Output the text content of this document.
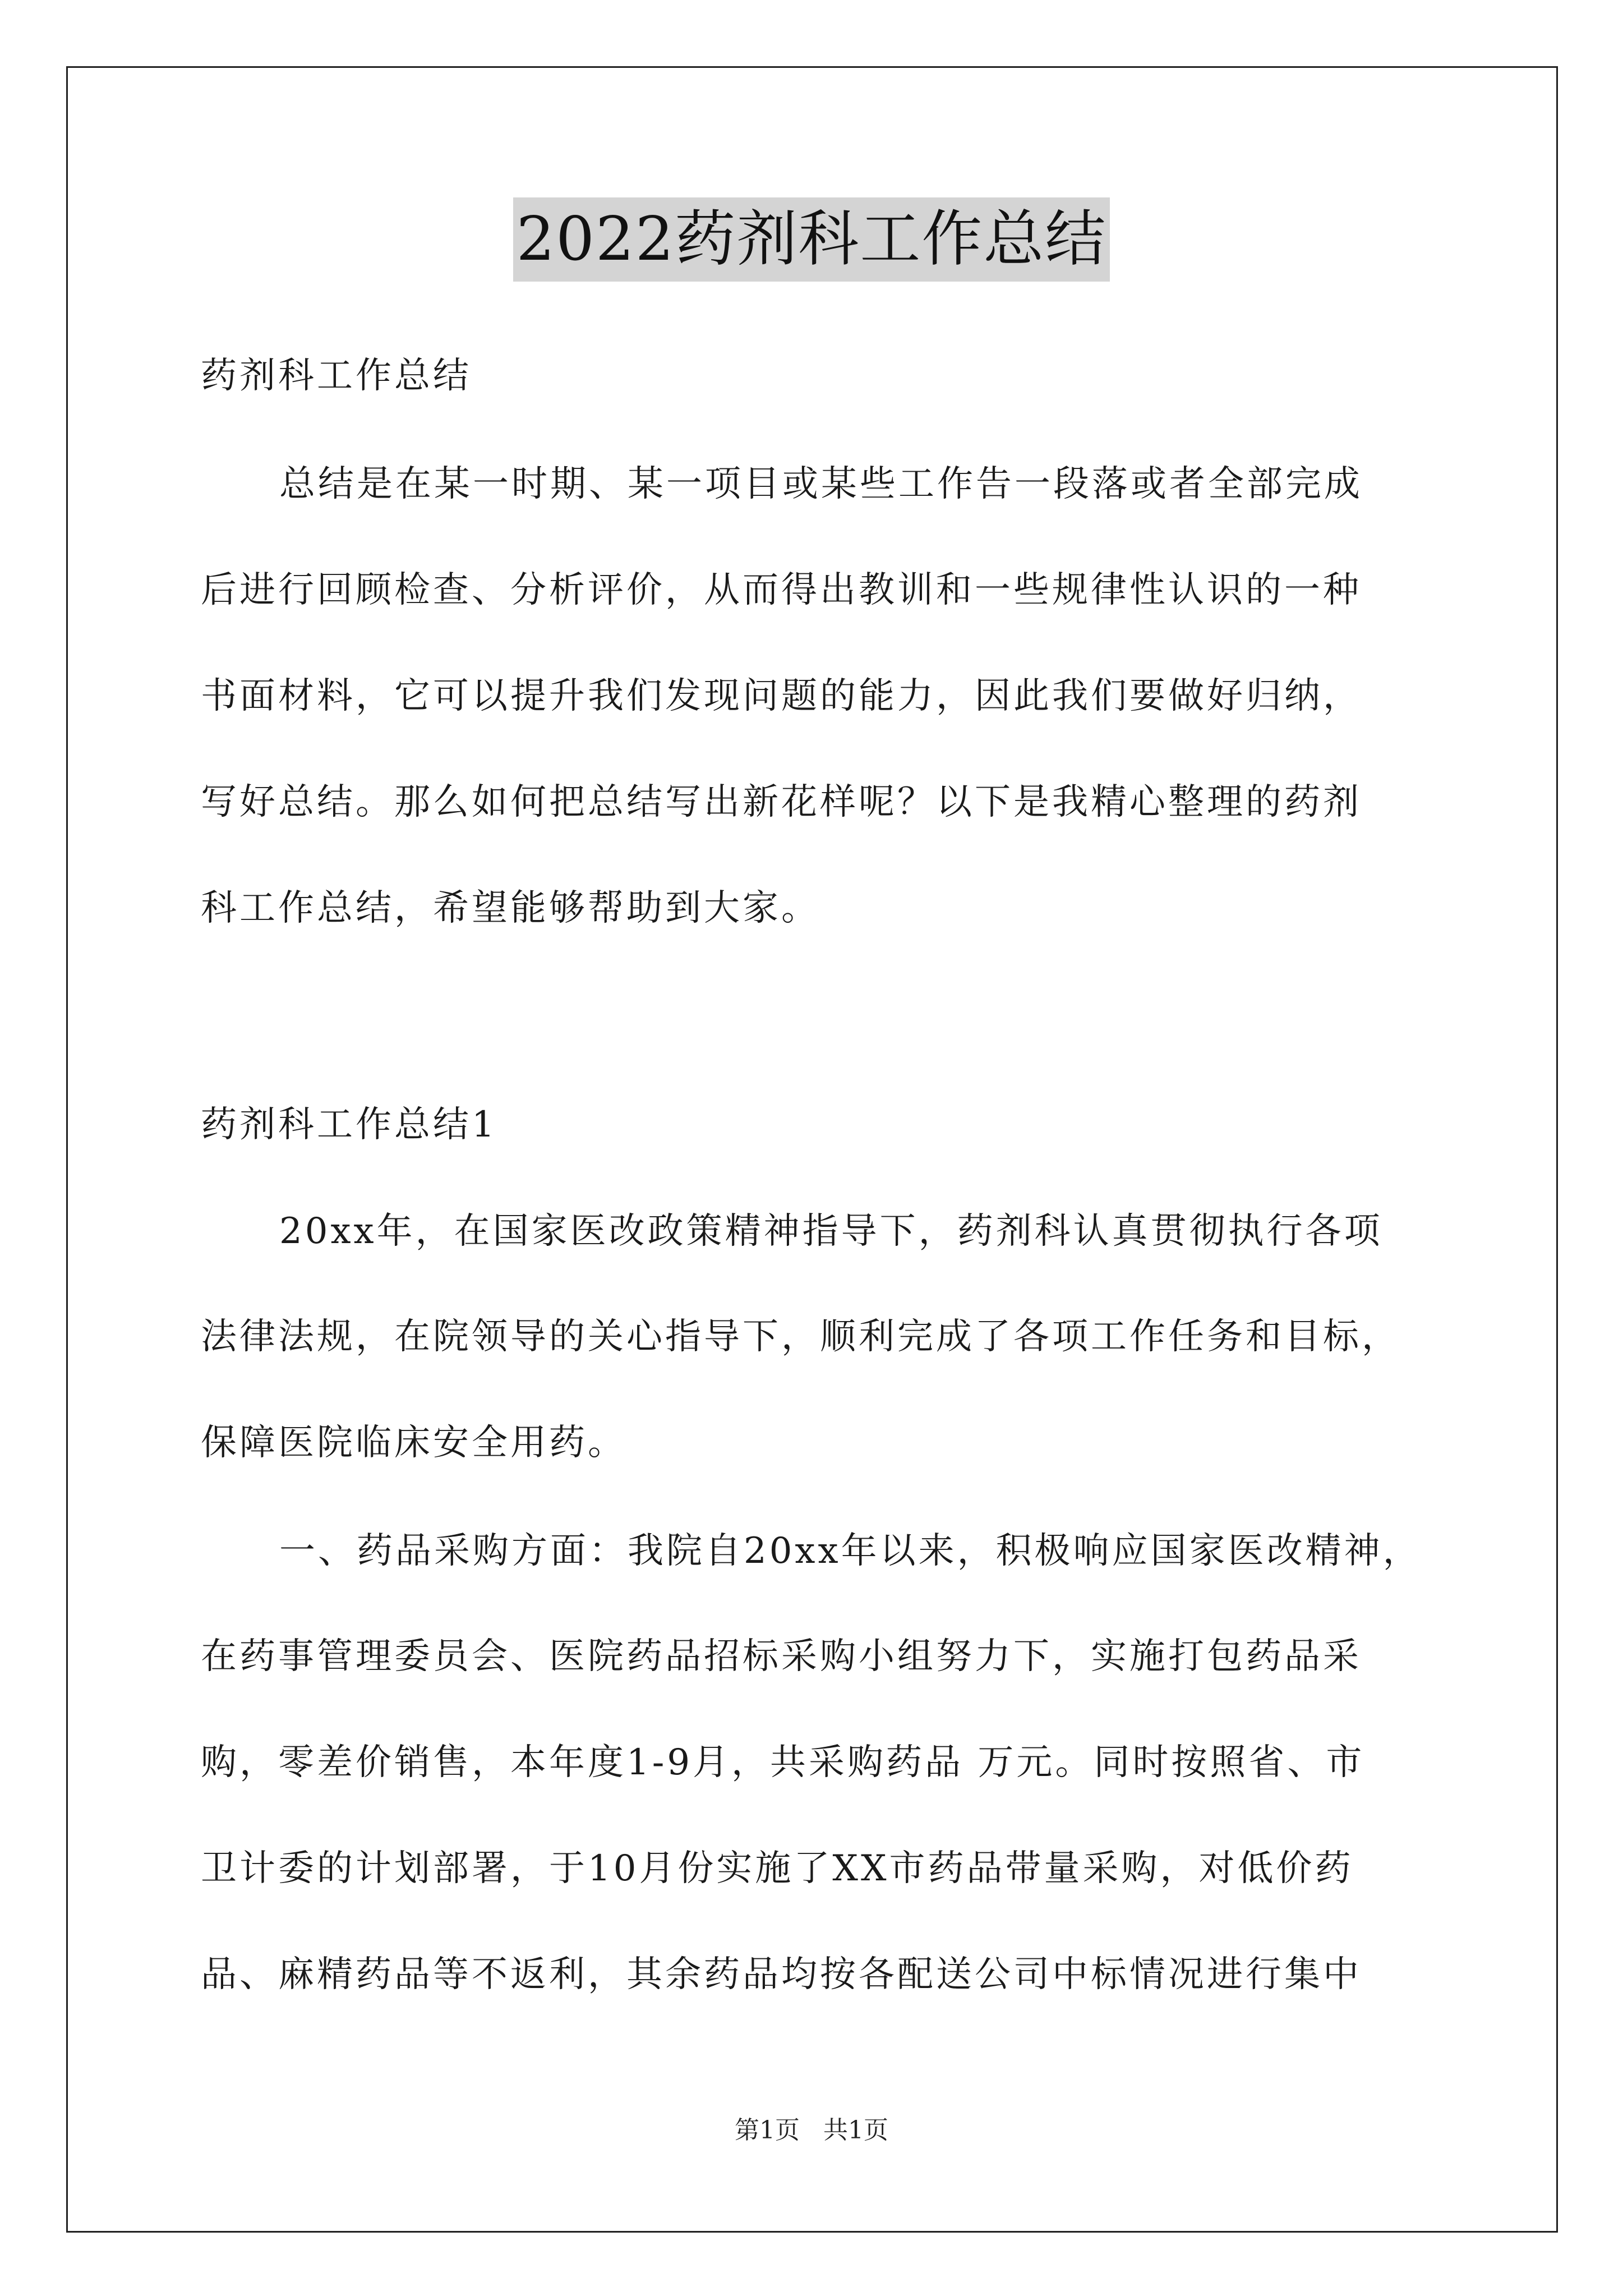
2022药剂科工作总结
药剂科工作总结
总结是在某一时期、某一项目或某些工作告一段落或者全部完成
后进行回顾检查、分析评价，从而得出教训和一些规律性认识的一种
书面材料，它可以提升我们发现问题的能力，因此我们要做好归纳，
写好总结。那么如何把总结写出新花样呢？以下是我精心整理的药剂
科工作总结，希望能够帮助到大家。
药剂科工作总结1
20xx年，在国家医改政策精神指导下，药剂科认真贯彻执行各项
法律法规，在院领导的关心指导下，顺利完成了各项工作任务和目标，
保障医院临床安全用药。
一、药品采购方面：我院自20xx年以来，积极响应国家医改精神，
在药事管理委员会、医院药品招标采购小组努力下，实施打包药品采
购，零差价销售，本年度1-9月，共采购药品 万元。同时按照省、市
卫计委的计划部署，于10月份实施了XX市药品带量采购，对低价药
品、麻精药品等不返利，其余药品均按各配送公司中标情况进行集中
第1页   共1页
